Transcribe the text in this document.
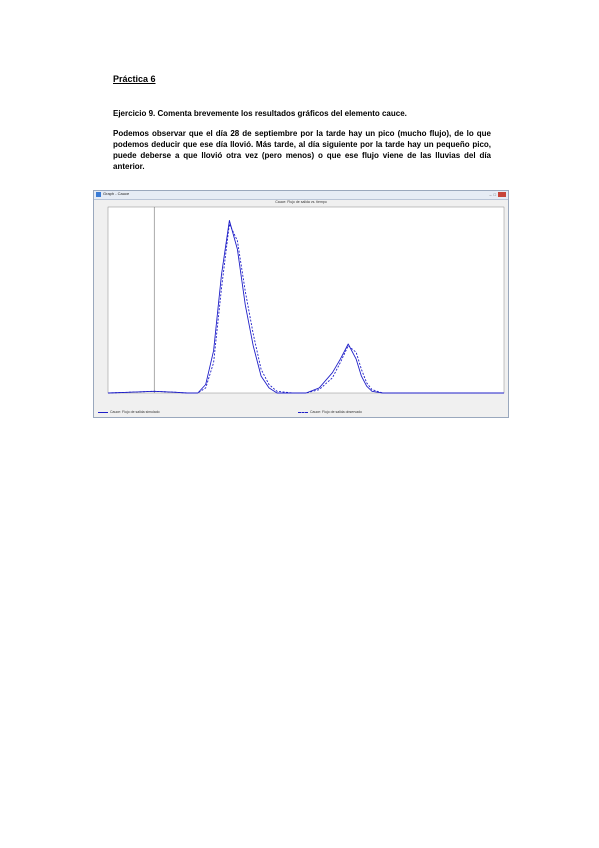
Práctica 6
Ejercicio 9. Comenta brevemente los resultados gráficos del elemento cauce.
Podemos observar que el día 28 de septiembre por la tarde hay un pico (mucho flujo), de lo que podemos deducir que ese día llovió. Más tarde, al día siguiente por la tarde hay un pequeño pico, puede deberse a que llovió otra vez (pero menos) o que ese flujo viene de las lluvias del día anterior.
Graph - Cauce	–□
Cauce: Flujo de salida vs. tiempo
Cauce: Flujo de salida simulado	Cauce: Flujo de salida observado
